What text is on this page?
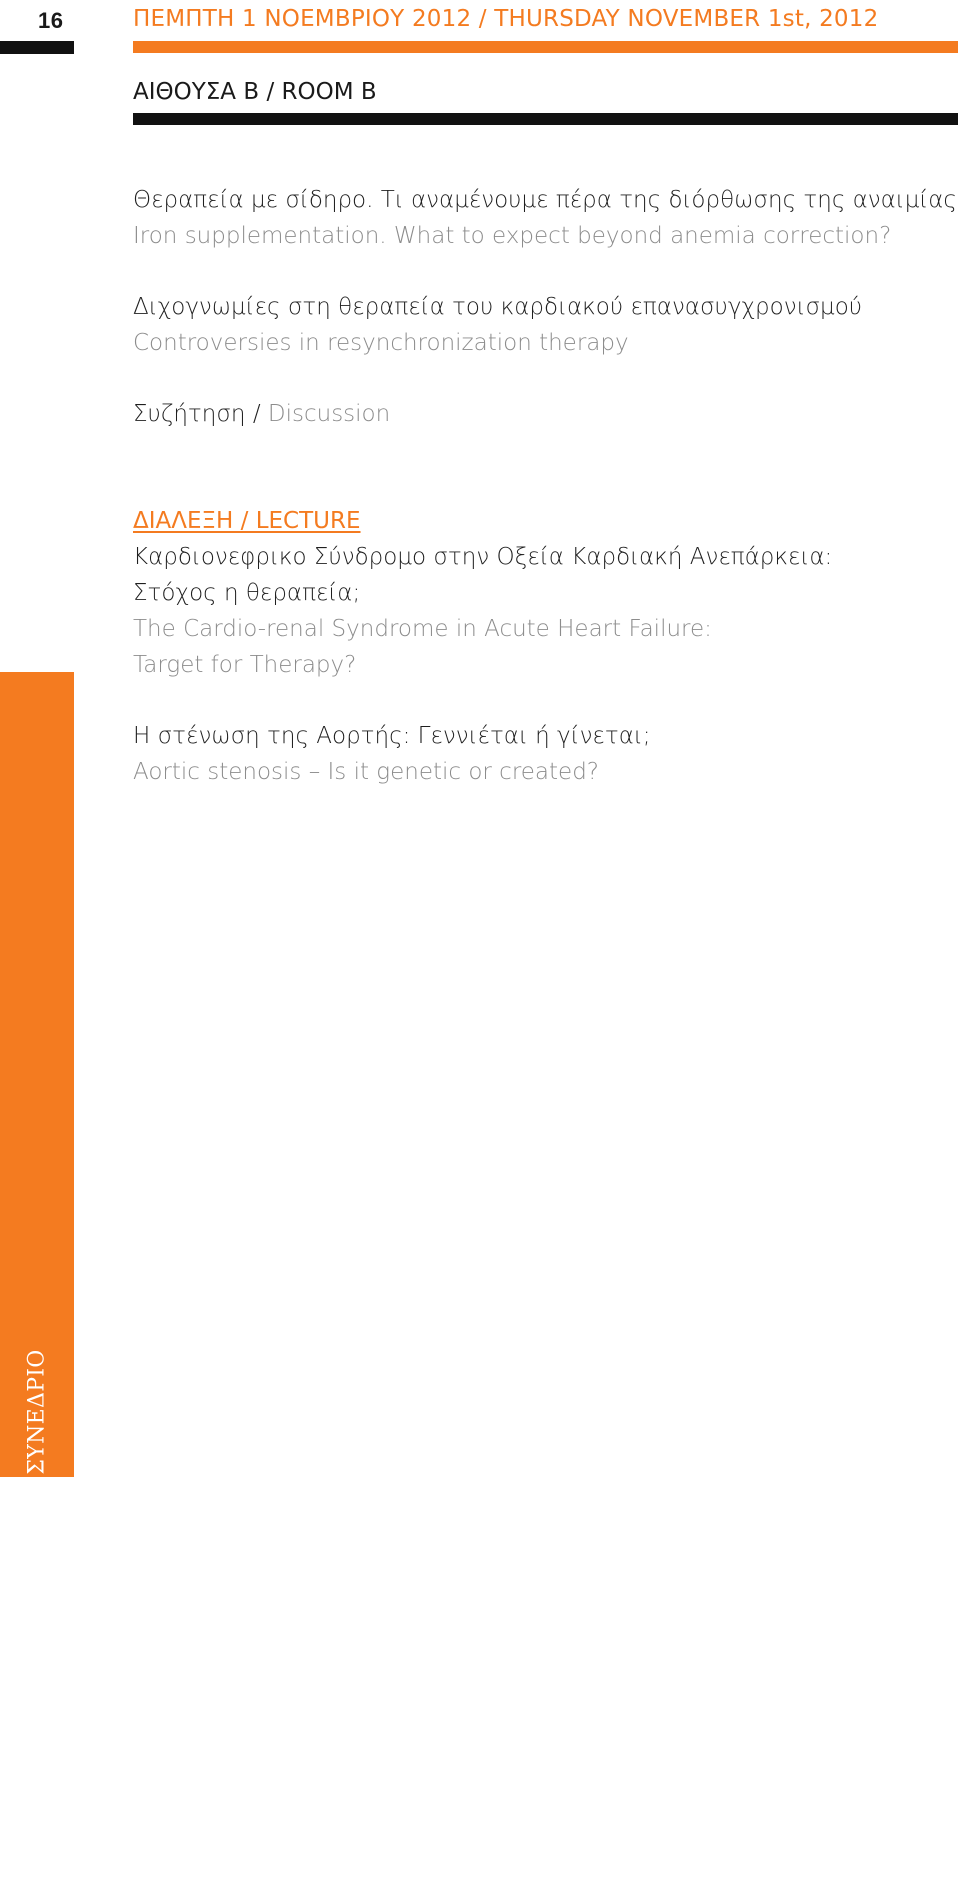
16	ΠΕΜΠΤΗ 1 ΝΟΕΜΒΡΙΟΥ 2012 / THURSDAY NOVEMBER 1st, 2012
ΑΙΘΟΥΣΑ Β / ROOM B
Θεραπεία με σίδηρο. Τι αναμένουμε πέρα της διόρθωσης της αναιμίας
Iron supplementation. What to expect beyond anemia correction?
Διχογνωμίες στη θεραπεία του καρδιακού επανασυγχρονισμού
Controversies in resynchronization therapy
Συζήτηση / Discussion
ΔΙΑΛΕΞΗ / LECTURE
Καρδιονεφρικο Σύνδρομο στην Οξεία Καρδιακή Ανεπάρκεια:
Στόχος η θεραπεία;
The Cardio-renal Syndrome in Acute Heart Failure:
Target for Therapy?
Η στένωση της Αορτής: Γεννιέται ή γίνεται;
Aortic stenosis – Is it genetic or created?
33ο ΠΑΝΕΛΛΗΝΙΟ ΚΑΡΔΙΟΛΟΓΙΚΟ ΣΥΝΕΔΡΙΟ
